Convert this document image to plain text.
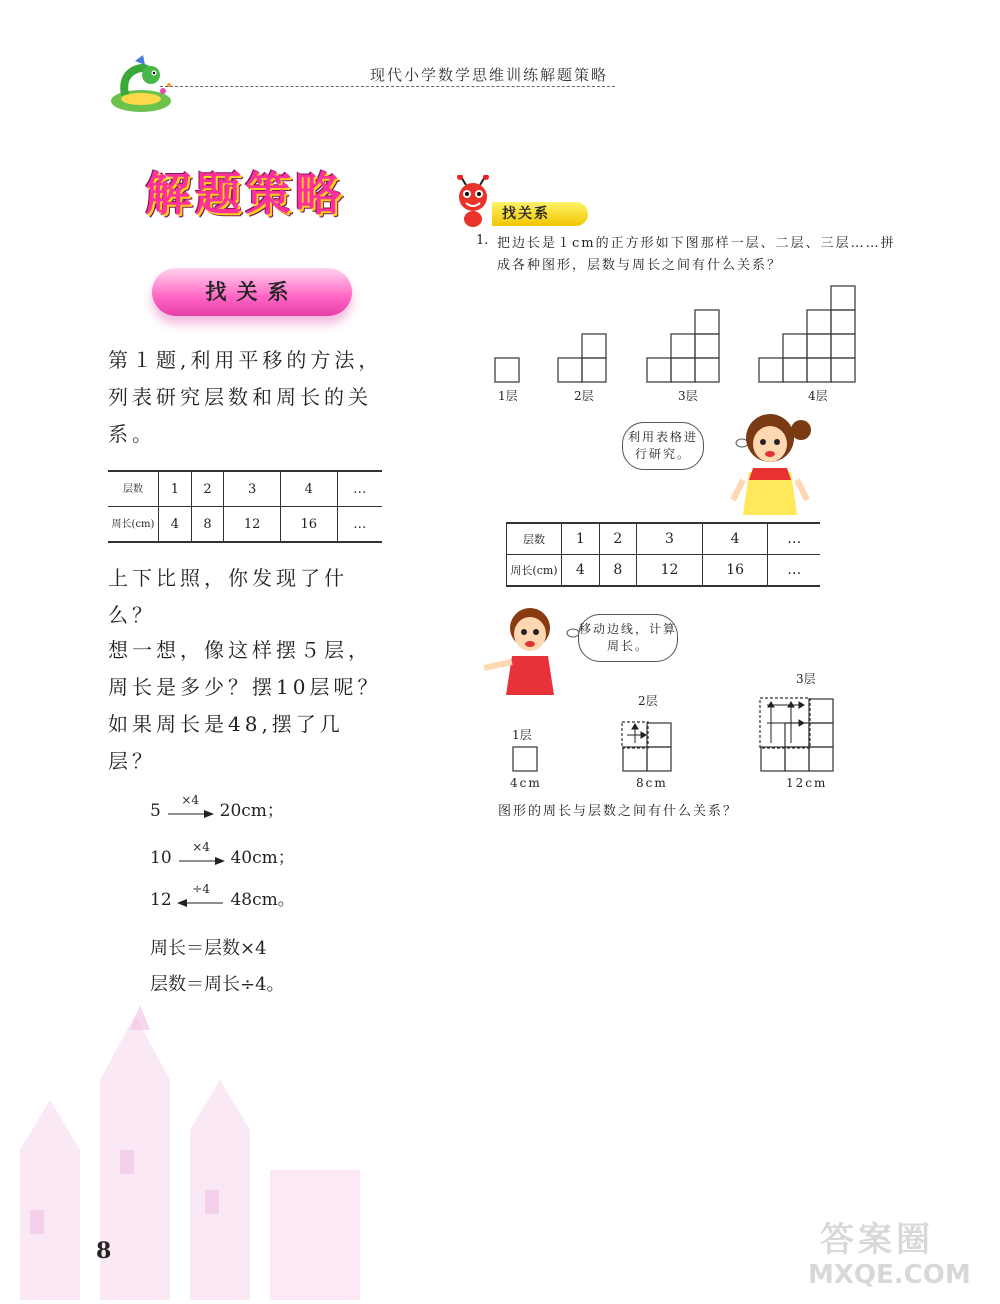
现代小学数学思维训练解题策略
解题策略
找关系
第１题,利用平移的方法，列表研究层数和周长的关系。
层数	1	2	3	4	…
周长(cm)	4	8	12	16	…
上下比照，你发现了什么？
想一想，像这样摆５层，周长是多少？摆10层呢？如果周长是48,摆了几层？
5
×4
20cm；
10
×4
40cm；
12
÷4
48cm。
周长＝层数×4
层数＝周长÷4。
找关系
1. 把边长是１cm的正方形如下图那样一层、二层、三层……拼成各种图形，层数与周长之间有什么关系？
1层	2层	3层	4层
利用表格进行研究。
层数	1	2	3	4	…
周长(cm)	4	8	12	16	…
移动边线，计算周长。
1层
2层
3层
4cm	8cm	12cm
图形的周长与层数之间有什么关系？
8	答案圈
MXQE.COM
